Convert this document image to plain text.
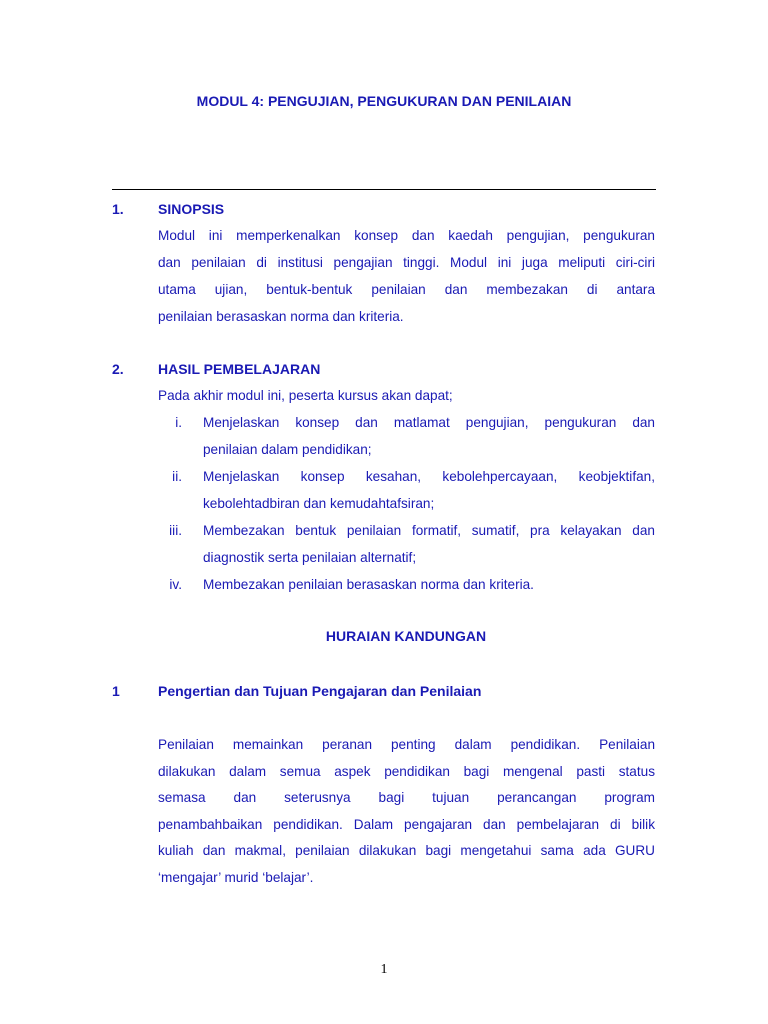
MODUL 4: PENGUJIAN, PENGUKURAN DAN PENILAIAN
1. SINOPSIS
Modul ini memperkenalkan konsep dan kaedah pengujian, pengukuran
dan penilaian di institusi pengajian tinggi. Modul ini juga meliputi ciri-ciri
utama ujian, bentuk-bentuk penilaian dan membezakan di antara
penilaian berasaskan norma dan kriteria.
2. HASIL PEMBELAJARAN
Pada akhir modul ini, peserta kursus akan dapat;
i. Menjelaskan konsep dan matlamat pengujian, pengukuran dan
penilaian dalam pendidikan;
ii. Menjelaskan konsep kesahan, kebolehpercayaan, keobjektifan,
kebolehtadbiran dan kemudahtafsiran;
iii. Membezakan bentuk penilaian formatif, sumatif, pra kelayakan dan
diagnostik serta penilaian alternatif;
iv. Membezakan penilaian berasaskan norma dan kriteria.
HURAIAN KANDUNGAN
1	Pengertian dan Tujuan Pengajaran dan Penilaian
Penilaian memainkan peranan penting dalam pendidikan. Penilaian
dilakukan dalam semua aspek pendidikan bagi mengenal pasti status
semasa dan seterusnya bagi tujuan perancangan program
penambahbaikan pendidikan. Dalam pengajaran dan pembelajaran di bilik
kuliah dan makmal, penilaian dilakukan bagi mengetahui sama ada GURU
‘mengajar’ murid ‘belajar’.
1
